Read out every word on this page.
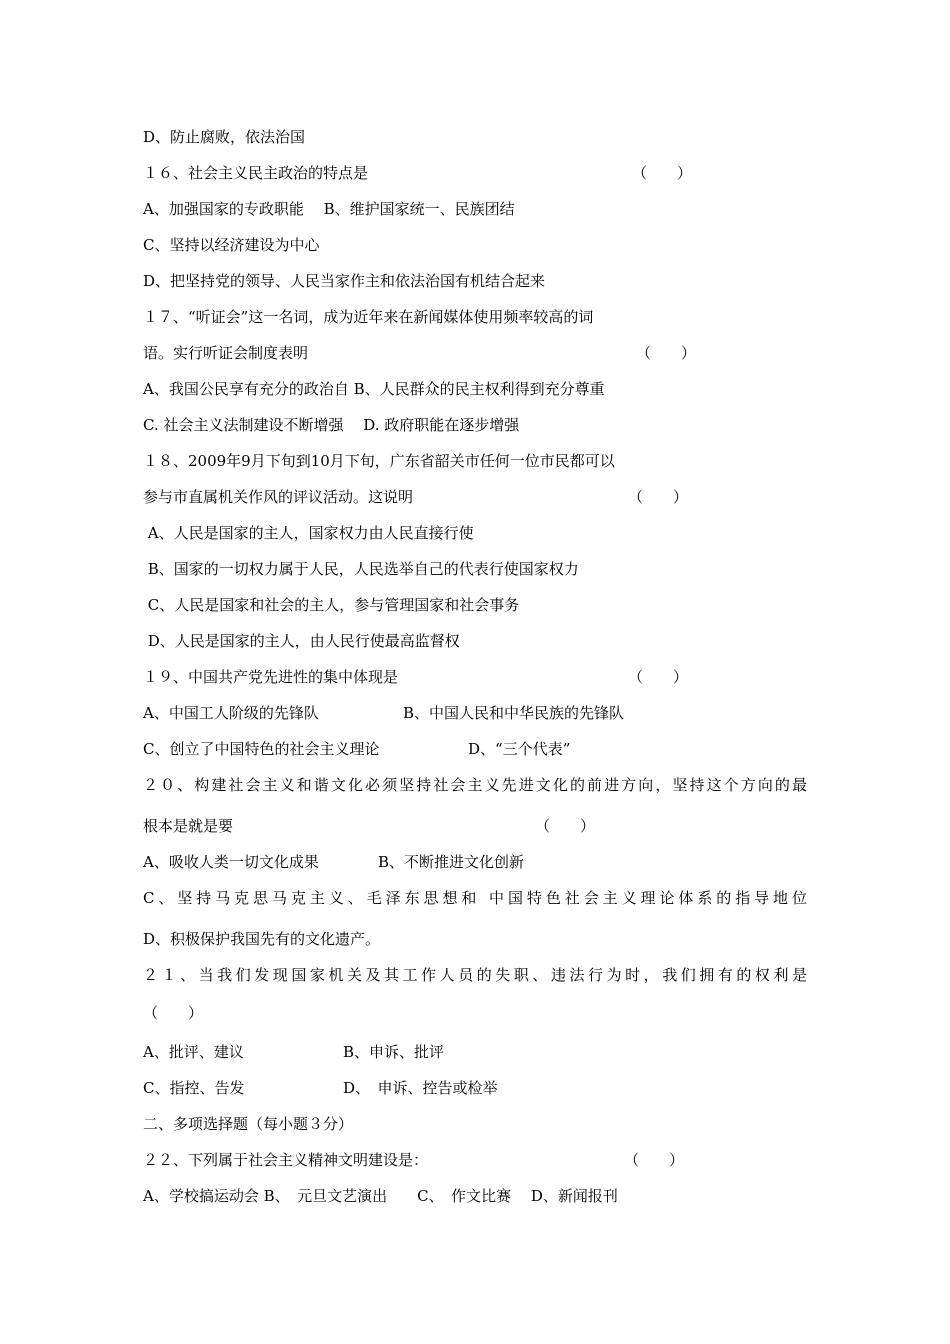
D、防止腐败，依法治国
１６、社会主义民主政治的特点是	（　　）
A、加强国家的专政职能　 B、维护国家统一、民族团结
C、坚持以经济建设为中心
D、把坚持党的领导、人民当家作主和依法治国有机结合起来
１７、“听证会”这一名词，成为近年来在新闻媒体使用频率较高的词
语。实行听证会制度表明	（　　）
A、我国公民享有充分的政治自 B、人民群众的民主权利得到充分尊重
C. 社会主义法制建设不断增强　 D. 政府职能在逐步增强
１８、2009年9月下旬到10月下旬，广东省韶关市任何一位市民都可以
参与市直属机关作风的评议活动。这说明	（　　）
A、人民是国家的主人，国家权力由人民直接行使
B、国家的一切权力属于人民，人民选举自己的代表行使国家权力
C、人民是国家和社会的主人，参与管理国家和社会事务
D、人民是国家的主人，由人民行使最高监督权
１９、中国共产党先进性的集中体现是	（　　）
A、中国工人阶级的先锋队	B、中国人民和中华民族的先锋队
C、创立了中国特色的社会主义理论	D、“三个代表”
２０、构建社会主义和谐文化必须坚持社会主义先进文化的前进方向，坚持这个方向的最
根本是就是要	（　　）
A、吸收人类一切文化成果	B、不断推进文化创新
C、坚持马克思马克主义、毛泽东思想和 中国特色社会主义理论体系的指导地位
D、积极保护我国先有的文化遗产。
２１、当我们发现国家机关及其工作人员的失职、违法行为时，我们拥有的权利是
（　　）
A、批评、建议	B、申诉、批评
C、指控、告发	D、　申诉、控告或检举
二、多项选择题（每小题３分）
２２、下列属于社会主义精神文明建设是：	（　　）
A、学校搞运动会 B、　元旦文艺演出　　C、　作文比赛　 D、新闻报刊
